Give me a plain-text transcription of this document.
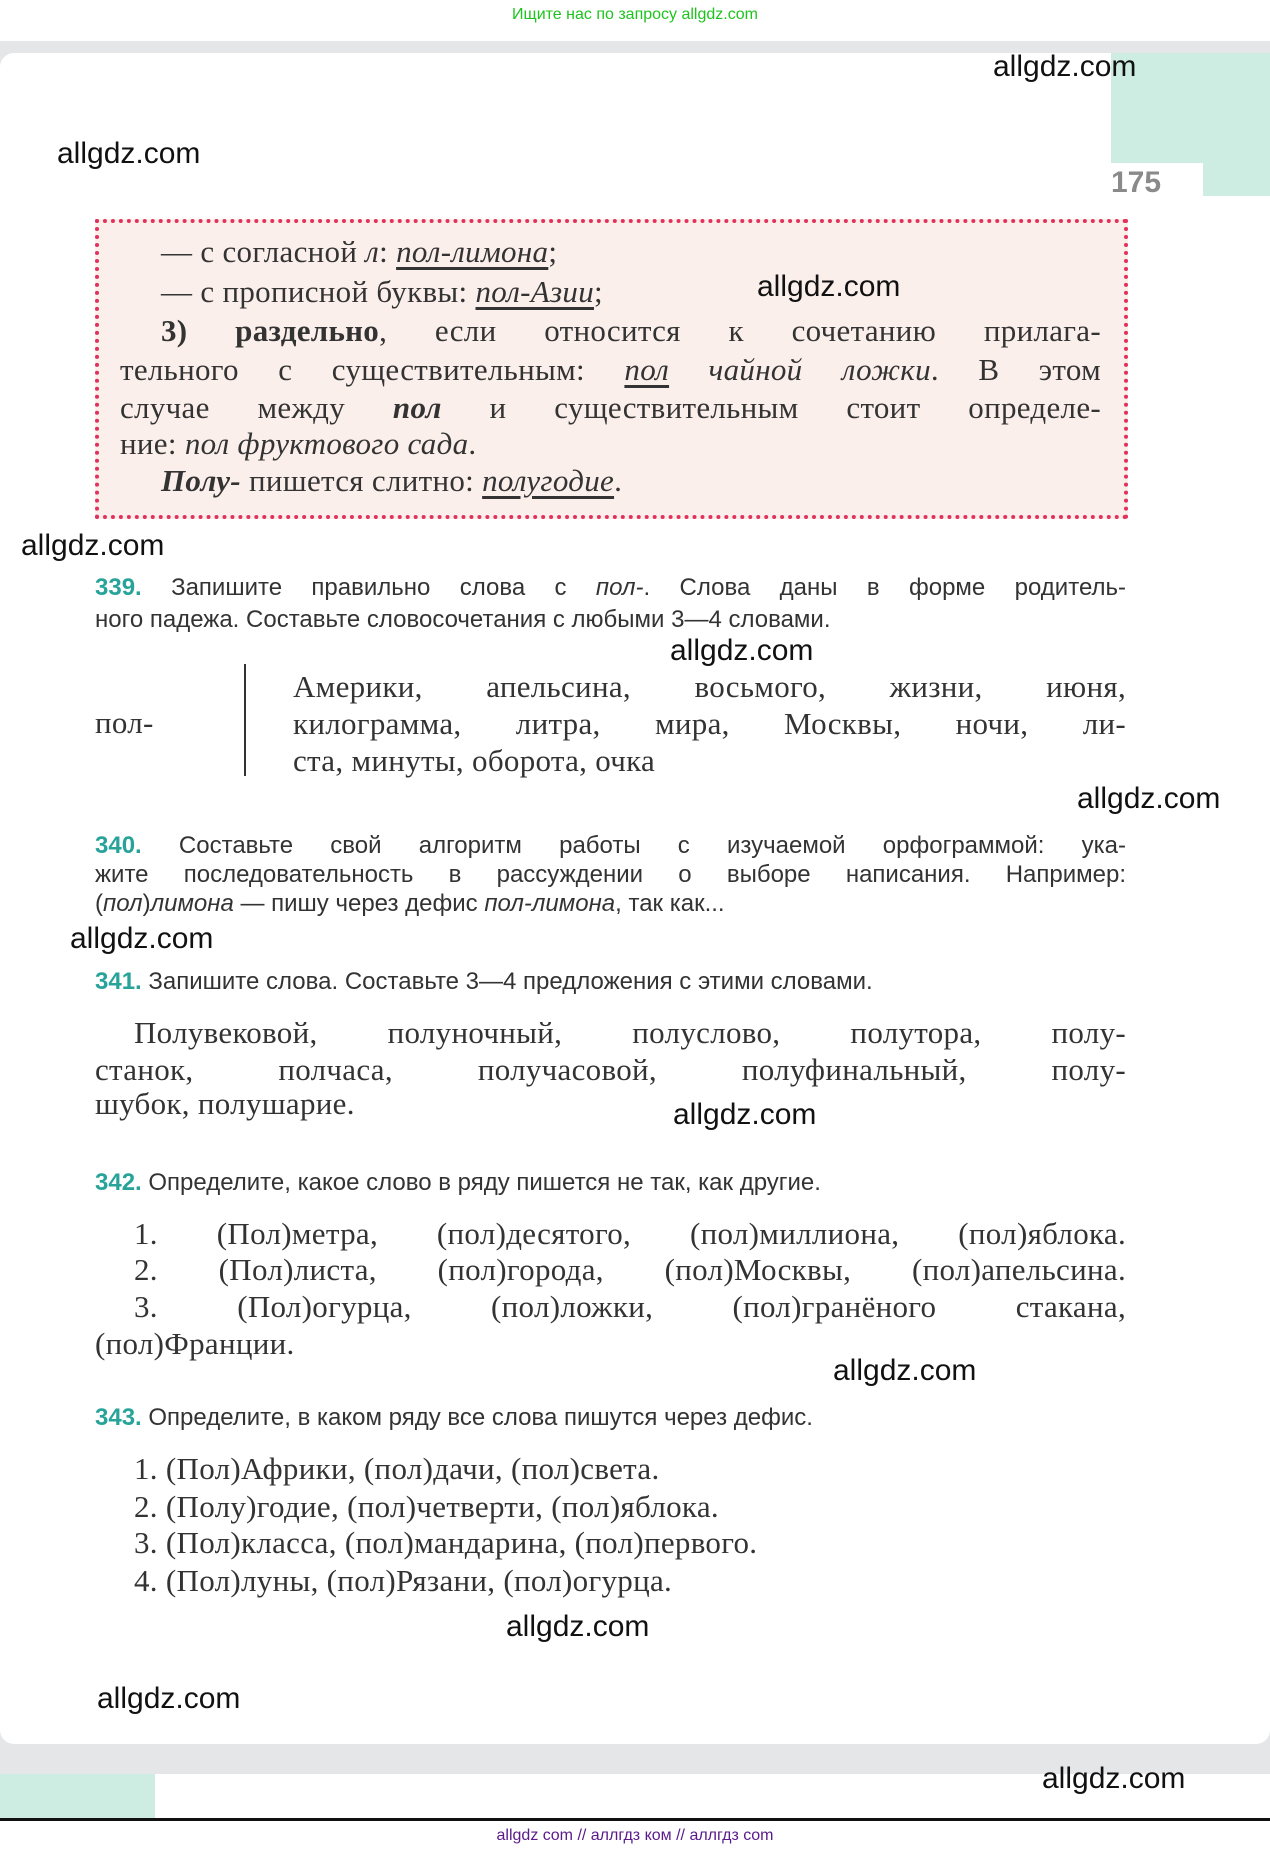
Ищите нас по запросу allgdz.com
175
— с согласной л: пол-лимона;
— с прописной буквы: пол-Азии;
3) раздельно, если относится к сочетанию прилага-
тельного с существительным: пол чайной ложки. В этом
случае между пол и существительным стоит определе-
ние: пол фруктового сада.
Полу- пишется слитно: полугодие.
339. Запишите правильно слова с пол-. Слова даны в форме родитель-
ного падежа. Составьте словосочетания с любыми 3—4 словами.
пол-
Америки, апельсина, восьмого, жизни, июня,
килограмма, литра, мира, Москвы, ночи, ли-
ста, минуты, оборота, очка
340. Составьте свой алгоритм работы с изучаемой орфограммой: ука-
жите последовательность в рассуждении о выборе написания. Например:
(пол)лимона — пишу через дефис пол-лимона, так как...
341. Запишите слова. Составьте 3—4 предложения с этими словами.
Полувековой, полуночный, полуслово, полутора, полу-
станок, полчаса, получасовой, полуфинальный, полу-
шубок, полушарие.
342. Определите, какое слово в ряду пишется не так, как другие.
1. (Пол)метра, (пол)десятого, (пол)миллиона, (пол)яблока.
2. (Пол)листа, (пол)города, (пол)Москвы, (пол)апельсина.
3. (Пол)огурца, (пол)ложки, (пол)гранёного стакана,
(пол)Франции.
343. Определите, в каком ряду все слова пишутся через дефис.
1. (Пол)Африки, (пол)дачи, (пол)света.
2. (Полу)годие, (пол)четверти, (пол)яблока.
3. (Пол)класса, (пол)мандарина, (пол)первого.
4. (Пол)луны, (пол)Рязани, (пол)огурца.
allgdz.com
allgdz.com
allgdz.com
allgdz.com
allgdz.com
allgdz.com
allgdz.com
allgdz.com
allgdz.com
allgdz.com
allgdz.com
allgdz.com
allgdz com // аллгдз ком // аллгдз com
